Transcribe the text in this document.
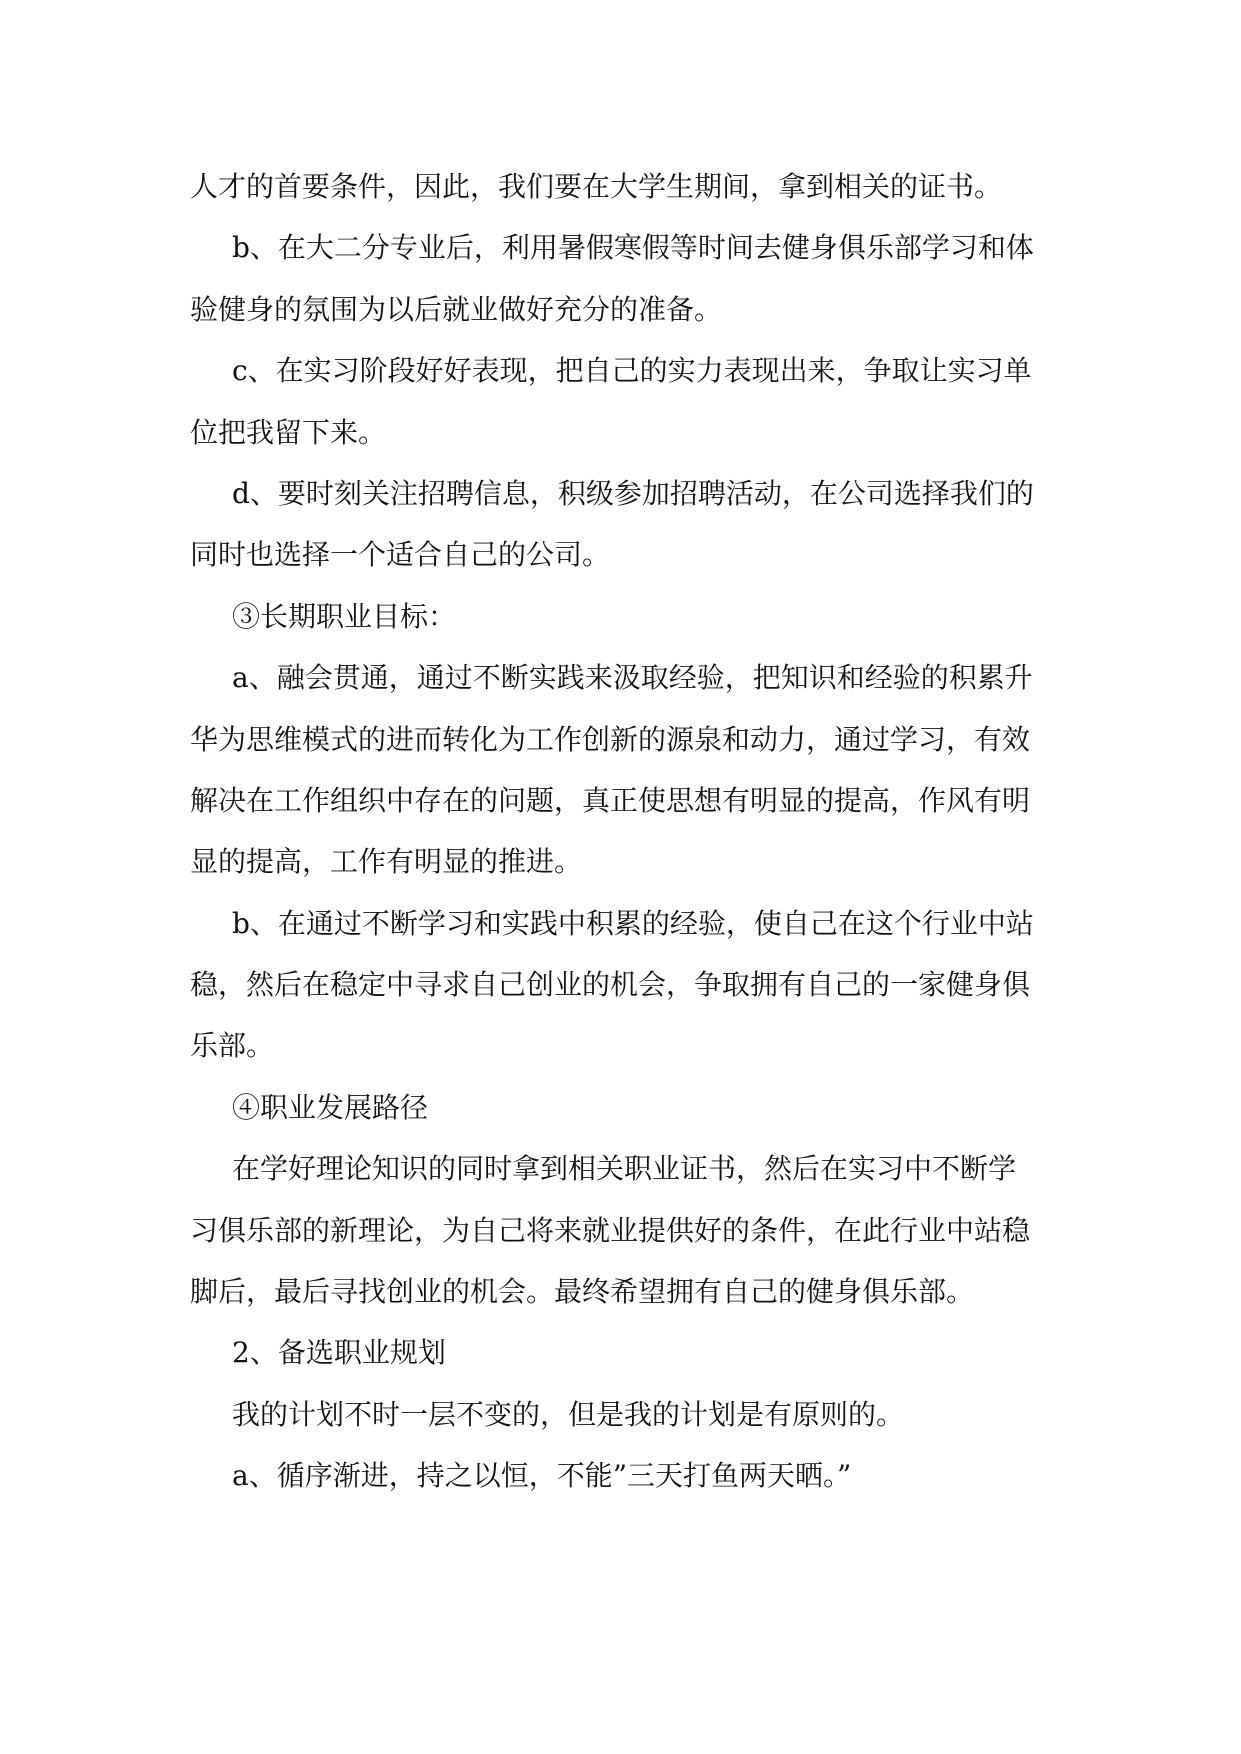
人才的首要条件，因此，我们要在大学生期间，拿到相关的证书。
b、在大二分专业后，利用暑假寒假等时间去健身俱乐部学习和体
验健身的氛围为以后就业做好充分的准备。
c、在实习阶段好好表现，把自己的实力表现出来，争取让实习单
位把我留下来。
d、要时刻关注招聘信息，积级参加招聘活动，在公司选择我们的
同时也选择一个适合自己的公司。
③长期职业目标：
a、融会贯通，通过不断实践来汲取经验，把知识和经验的积累升
华为思维模式的进而转化为工作创新的源泉和动力，通过学习，有效
解决在工作组织中存在的问题，真正使思想有明显的提高，作风有明
显的提高，工作有明显的推进。
b、在通过不断学习和实践中积累的经验，使自己在这个行业中站
稳，然后在稳定中寻求自己创业的机会，争取拥有自己的一家健身俱
乐部。
④职业发展路径
在学好理论知识的同时拿到相关职业证书，然后在实习中不断学
习俱乐部的新理论，为自己将来就业提供好的条件，在此行业中站稳
脚后，最后寻找创业的机会。最终希望拥有自己的健身俱乐部。
2、备选职业规划
我的计划不时一层不变的，但是我的计划是有原则的。
a、循序渐进，持之以恒，不能”三天打鱼两天晒。”
